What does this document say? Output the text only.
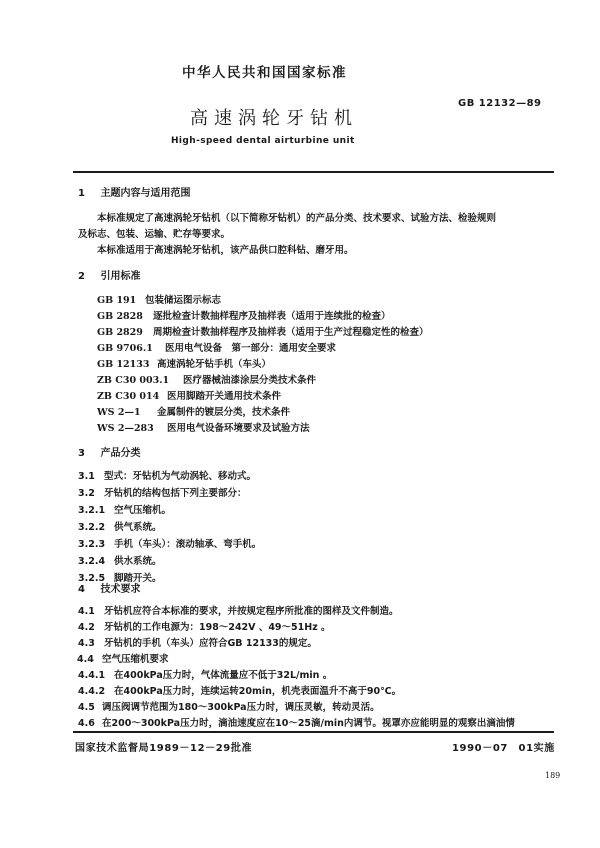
中华人民共和国国家标准
高速涡轮牙钻机
GB 12132—89
High-speed dental airturbine unit
1 主题内容与适用范围
本标准规定了高速涡轮牙钻机（以下简称牙钻机）的产品分类、技术要求、试验方法、检验规则
及标志、包装、运输、贮存等要求。
本标准适用于高速涡轮牙钻机，该产品供口腔科钻、磨牙用。
2 引用标准
GB 191 包装储运图示标志
GB 2828 逐批检查计数抽样程序及抽样表（适用于连续批的检查）
GB 2829 周期检查计数抽样程序及抽样表（适用于生产过程稳定性的检查）
GB 9706.1 医用电气设备　第一部分：通用安全要求
GB 12133 高速涡轮牙钻手机（车头）
ZB C30 003.1 医疗器械油漆涂层分类技术条件
ZB C30 014 医用脚踏开关通用技术条件
WS 2—1 金属制件的镀层分类，技术条件
WS 2—283 医用电气设备环境要求及试验方法
3 产品分类
3.1 型式：牙钻机为气动涡轮、移动式。
3.2 牙钻机的结构包括下列主要部分：
3.2.1 空气压缩机。
3.2.2 供气系统。
3.2.3 手机（车头）：滚动轴承、弯手机。
3.2.4 供水系统。
3.2.5 脚踏开关。
4 技术要求
4.1 牙钻机应符合本标准的要求，并按规定程序所批准的图样及文件制造。
4.2 牙钻机的工作电源为：198～242V 、49～51Hz 。
4.3 牙钻机的手机（车头）应符合GB 12133的规定。
4.4 空气压缩机要求
4.4.1 在400kPa压力时，气体流量应不低于32L/min 。
4.4.2 在400kPa压力时，连续运转20min，机壳表面温升不高于90℃。
4.5 调压阀调节范围为180～300kPa压力时，调压灵敏，转动灵活。
4.6 在200～300kPa压力时，滴油速度应在10～25滴/min内调节。视罩亦应能明显的观察出滴油情
国家技术监督局1989－12－29批准	1990－07　01实施
189
